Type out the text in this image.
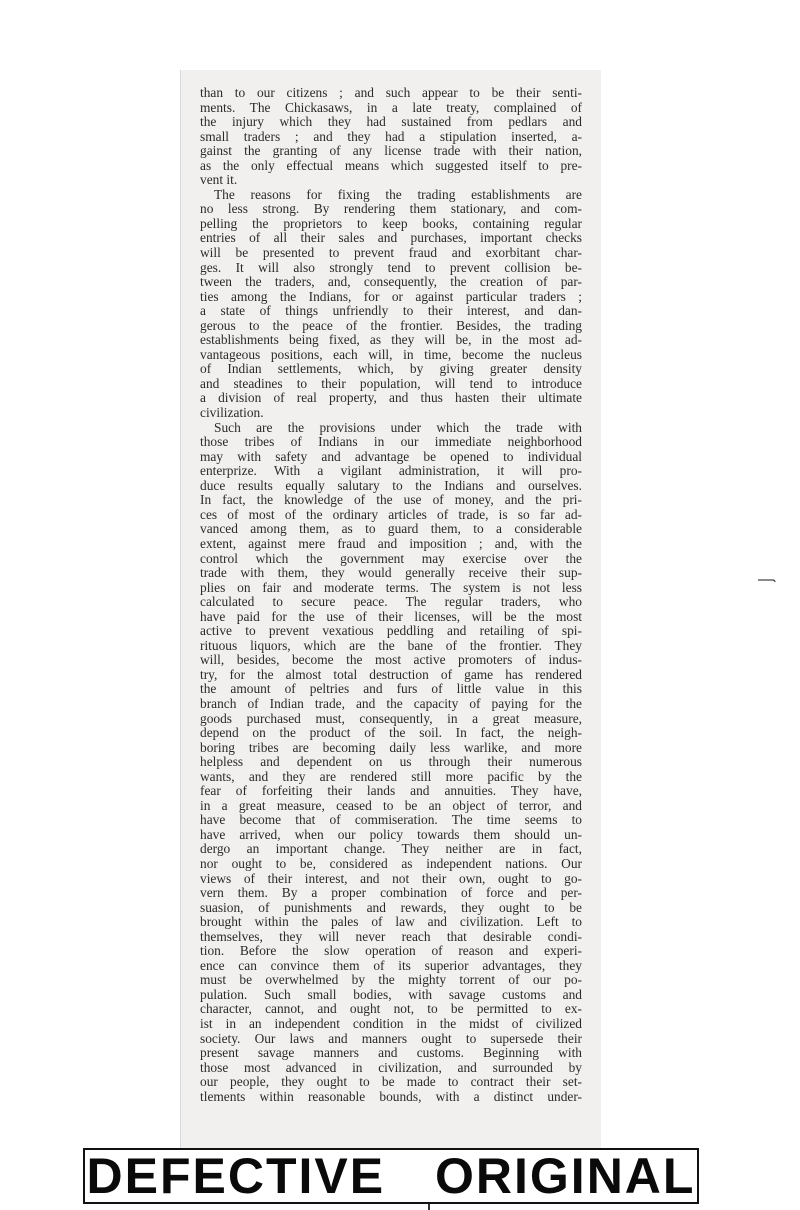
than to our citizens ; and such appear to be their senti-
ments. The Chickasaws, in a late treaty, complained of
the injury which they had sustained from pedlars and
small traders ; and they had a stipulation inserted, a-
gainst the granting of any license trade with their nation,
as the only effectual means which suggested itself to pre-
vent it.
The reasons for fixing the trading establishments are
no less strong. By rendering them stationary, and com-
pelling the proprietors to keep books, containing regular
entries of all their sales and purchases, important checks
will be presented to prevent fraud and exorbitant char-
ges. It will also strongly tend to prevent collision be-
tween the traders, and, consequently, the creation of par-
ties among the Indians, for or against particular traders ;
a state of things unfriendly to their interest, and dan-
gerous to the peace of the frontier. Besides, the trading
establishments being fixed, as they will be, in the most ad-
vantageous positions, each will, in time, become the nucleus
of Indian settlements, which, by giving greater density
and steadines to their population, will tend to introduce
a division of real property, and thus hasten their ultimate
civilization.
Such are the provisions under which the trade with
those tribes of Indians in our immediate neighborhood
may with safety and advantage be opened to individual
enterprize. With a vigilant administration, it will pro-
duce results equally salutary to the Indians and ourselves.
In fact, the knowledge of the use of money, and the pri-
ces of most of the ordinary articles of trade, is so far ad-
vanced among them, as to guard them, to a considerable
extent, against mere fraud and imposition ; and, with the
control which the government may exercise over the
trade with them, they would generally receive their sup-
plies on fair and moderate terms. The system is not less
calculated to secure peace. The regular traders, who
have paid for the use of their licenses, will be the most
active to prevent vexatious peddling and retailing of spi-
rituous liquors, which are the bane of the frontier. They
will, besides, become the most active promoters of indus-
try, for the almost total destruction of game has rendered
the amount of peltries and furs of little value in this
branch of Indian trade, and the capacity of paying for the
goods purchased must, consequently, in a great measure,
depend on the product of the soil. In fact, the neigh-
boring tribes are becoming daily less warlike, and more
helpless and dependent on us through their numerous
wants, and they are rendered still more pacific by the
fear of forfeiting their lands and annuities. They have,
in a great measure, ceased to be an object of terror, and
have become that of commiseration. The time seems to
have arrived, when our policy towards them should un-
dergo an important change. They neither are in fact,
nor ought to be, considered as independent nations. Our
views of their interest, and not their own, ought to go-
vern them. By a proper combination of force and per-
suasion, of punishments and rewards, they ought to be
brought within the pales of law and civilization. Left to
themselves, they will never reach that desirable condi-
tion. Before the slow operation of reason and experi-
ence can convince them of its superior advantages, they
must be overwhelmed by the mighty torrent of our po-
pulation. Such small bodies, with savage customs and
character, cannot, and ought not, to be permitted to ex-
ist in an independent condition in the midst of civilized
society. Our laws and manners ought to supersede their
present savage manners and customs. Beginning with
those most advanced in civilization, and surrounded by
our people, they ought to be made to contract their set-
tlements within reasonable bounds, with a distinct under-
DEFECTIVE ORIGINAL
